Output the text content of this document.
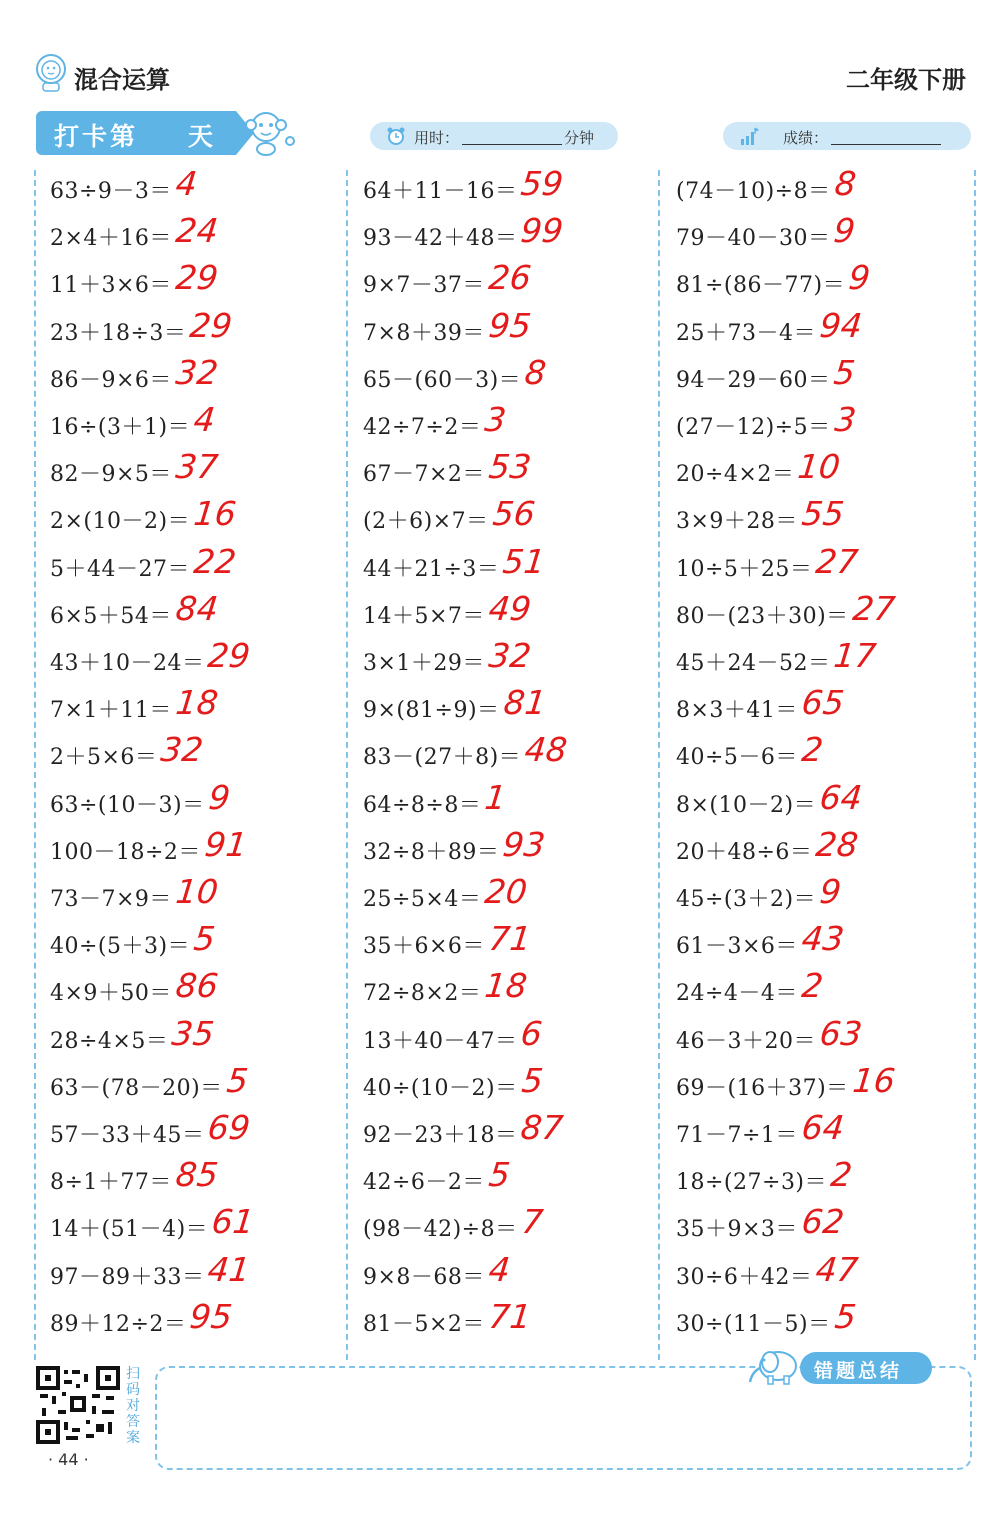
混合运算	二年级下册
打卡第 天	用时：	分钟	成绩：
63÷9－3＝ 4
2×4＋16＝ 24
11＋3×6＝ 29
23＋18÷3＝ 29
86－9×6＝ 32
16÷(3＋1)＝ 4
82－9×5＝ 37
2×(10－2)＝ 16
5＋44－27＝ 22
6×5＋54＝ 84
43＋10－24＝ 29
7×1＋11＝ 18
2＋5×6＝ 32
63÷(10－3)＝ 9
100－18÷2＝ 91
73－7×9＝ 10
40÷(5＋3)＝ 5
4×9＋50＝ 86
28÷4×5＝ 35
63－(78－20)＝ 5
57－33＋45＝ 69
8÷1＋77＝ 85
14＋(51－4)＝ 61
97－89＋33＝ 41
89＋12÷2＝ 95
64＋11－16＝ 59
93－42＋48＝ 99
9×7－37＝ 26
7×8＋39＝ 95
65－(60－3)＝ 8
42÷7÷2＝ 3
67－7×2＝ 53
(2＋6)×7＝ 56
44＋21÷3＝ 51
14＋5×7＝ 49
3×1＋29＝ 32
9×(81÷9)＝ 81
83－(27＋8)＝ 48
64÷8÷8＝ 1
32÷8＋89＝ 93
25÷5×4＝ 20
35＋6×6＝ 71
72÷8×2＝ 18
13＋40－47＝ 6
40÷(10－2)＝ 5
92－23＋18＝ 87
42÷6－2＝ 5
(98－42)÷8＝ 7
9×8－68＝ 4
81－5×2＝ 71
(74－10)÷8＝ 8
79－40－30＝ 9
81÷(86－77)＝ 9
25＋73－4＝ 94
94－29－60＝ 5
(27－12)÷5＝ 3
20÷4×2＝ 10
3×9＋28＝ 55
10÷5＋25＝ 27
80－(23＋30)＝ 27
45＋24－52＝ 17
8×3＋41＝ 65
40÷5－6＝ 2
8×(10－2)＝ 64
20＋48÷6＝ 28
45÷(3＋2)＝ 9
61－3×6＝ 43
24÷4－4＝ 2
46－3＋20＝ 63
69－(16＋37)＝ 16
71－7÷1＝ 64
18÷(27÷3)＝ 2
35＋9×3＝ 62
30÷6＋42＝ 47
30÷(11－5)＝ 5
错题总结
扫码对答案
· 44 ·
